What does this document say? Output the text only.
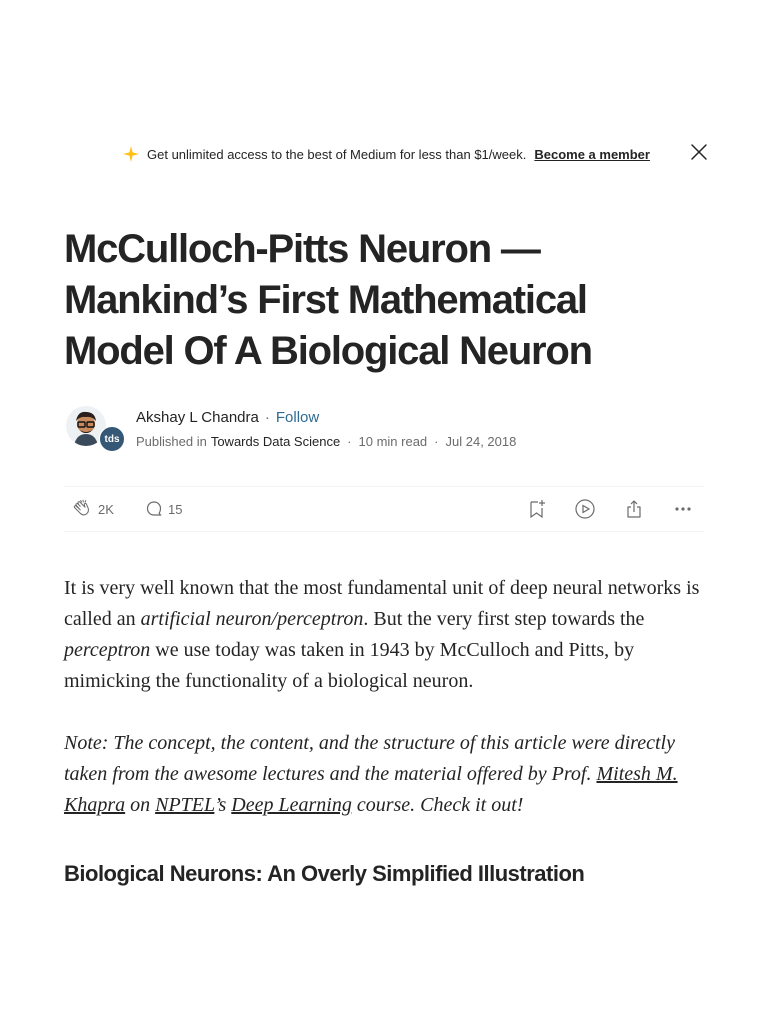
Get unlimited access to the best of Medium for less than $1/week. Become a member
McCulloch-Pitts Neuron — Mankind’s First Mathematical Model Of A Biological Neuron
tds
Akshay L Chandra · Follow
Published in Towards Data Science · 10 min read · Jul 24, 2018
2K	15

It is very well known that the most fundamental unit of deep neural networks is called an artificial neuron/perceptron. But the very first step towards the perceptron we use today was taken in 1943 by McCulloch and Pitts, by mimicking the functionality of a biological neuron.

Note: The concept, the content, and the structure of this article were directly taken from the awesome lectures and the material offered by Prof. Mitesh M. Khapra on NPTEL’s Deep Learning course. Check it out!

Biological Neurons: An Overly Simplified Illustration
